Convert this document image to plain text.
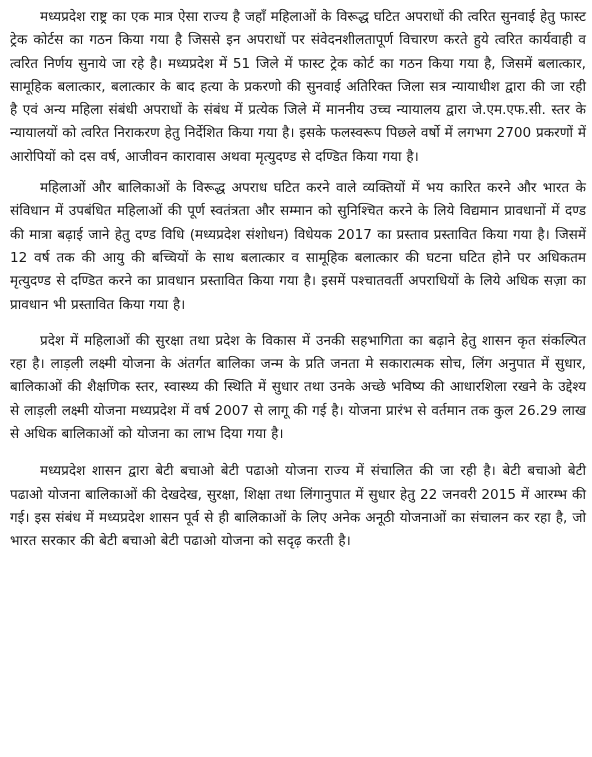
मध्यप्रदेश राष्ट्र का एक मात्र ऐसा राज्य है जहॉं महिलाओं के विरूद्ध घटित अपराधों की त्वरित सुनवाई हेतु फास्ट ट्रेक कोर्टस का गठन किया गया है जिससे इन अपराधों पर संवेदनशीलतापूर्ण विचारण करते हुये त्वरित कार्यवाही व त्वरित निर्णय सुनाये जा रहे है। मध्यप्रदेश में 51 जिले में फास्ट ट्रेक कोर्ट का गठन किया गया है, जिसमें बलात्कार, सामूहिक बलात्कार, बलात्कार के बाद हत्या के प्रकरणो की सुनवाई अतिरिक्त जिला सत्र न्यायाधीश द्वारा की जा रही है एवं अन्य महिला संबंधी अपराधों के संबंध में प्रत्येक जिले में माननीय उच्च न्यायालय द्वारा जे.एम.एफ.सी. स्तर के न्यायालयों को त्वरित निराकरण हेतु निर्देशित किया गया है। इसके फलस्वरूप पिछले वर्षो में लगभग 2700 प्रकरणों में आरोपियों को दस वर्ष, आजीवन कारावास अथवा मृत्युदण्ड से दण्डित किया गया है।

महिलाओं और बालिकाओं के विरूद्ध अपराध घटित करने वाले व्यक्तियों में भय कारित करने और भारत के संविधान में उपबंधित महिलाओं की पूर्ण स्वतंत्रता और सम्मान को सुनिश्चित करने के लिये विद्यमान प्रावधानों में दण्ड की मात्रा बढ़ाई जाने हेतु दण्ड विधि (मध्यप्रदेश संशोधन) विधेयक 2017 का प्रस्ताव प्रस्तावित किया गया है। जिसमें 12 वर्ष तक की आयु की बच्चियों के साथ बलात्कार व सामूहिक बलात्कार की घटना घटित होने पर अधिकतम मृत्युदण्ड से दण्डित करने का प्रावधान प्रस्तावित किया गया है। इसमें पश्चातवर्ती अपराधियों के लिये अधिक सज़ा का प्रावधान भी प्रस्तावित किया गया है।

प्रदेश में महिलाओं की सुरक्षा तथा प्रदेश के विकास में उनकी सहभागिता का बढ़ाने हेतु शासन कृत संकल्पित रहा है। लाड़ली लक्ष्मी योजना के अंतर्गत बालिका जन्म के प्रति जनता मे सकारात्मक सोच, लिंग अनुपात में सुधार, बालिकाओं की शैक्षणिक स्तर, स्वास्थ्य की स्थिति में सुधार तथा उनके अच्छे भविष्य की आधारशिला रखने के उद्देश्य से लाड़ली लक्ष्मी योजना मध्यप्रदेश में वर्ष 2007 से लागू की गई है। योजना प्रारंभ से वर्तमान तक कुल 26.29 लाख से अधिक बालिकाओं को योजना का लाभ दिया गया है।

मध्यप्रदेश शासन द्वारा बेटी बचाओ बेटी पढाओ योजना राज्य में संचालित की जा रही है। बेटी बचाओ बेटी पढाओ योजना बालिकाओं की देखदेख, सुरक्षा, शिक्षा तथा लिंगानुपात में सुधार हेतु 22 जनवरी 2015 में आरम्भ की गई। इस संबंध में मध्यप्रदेश शासन पूर्व से ही बालिकाओं के लिए अनेक अनूठी योजनाओं का संचालन कर रहा है, जो भारत सरकार की बेटी बचाओ बेटी पढाओ योजना को सदृढ़ करती है।
